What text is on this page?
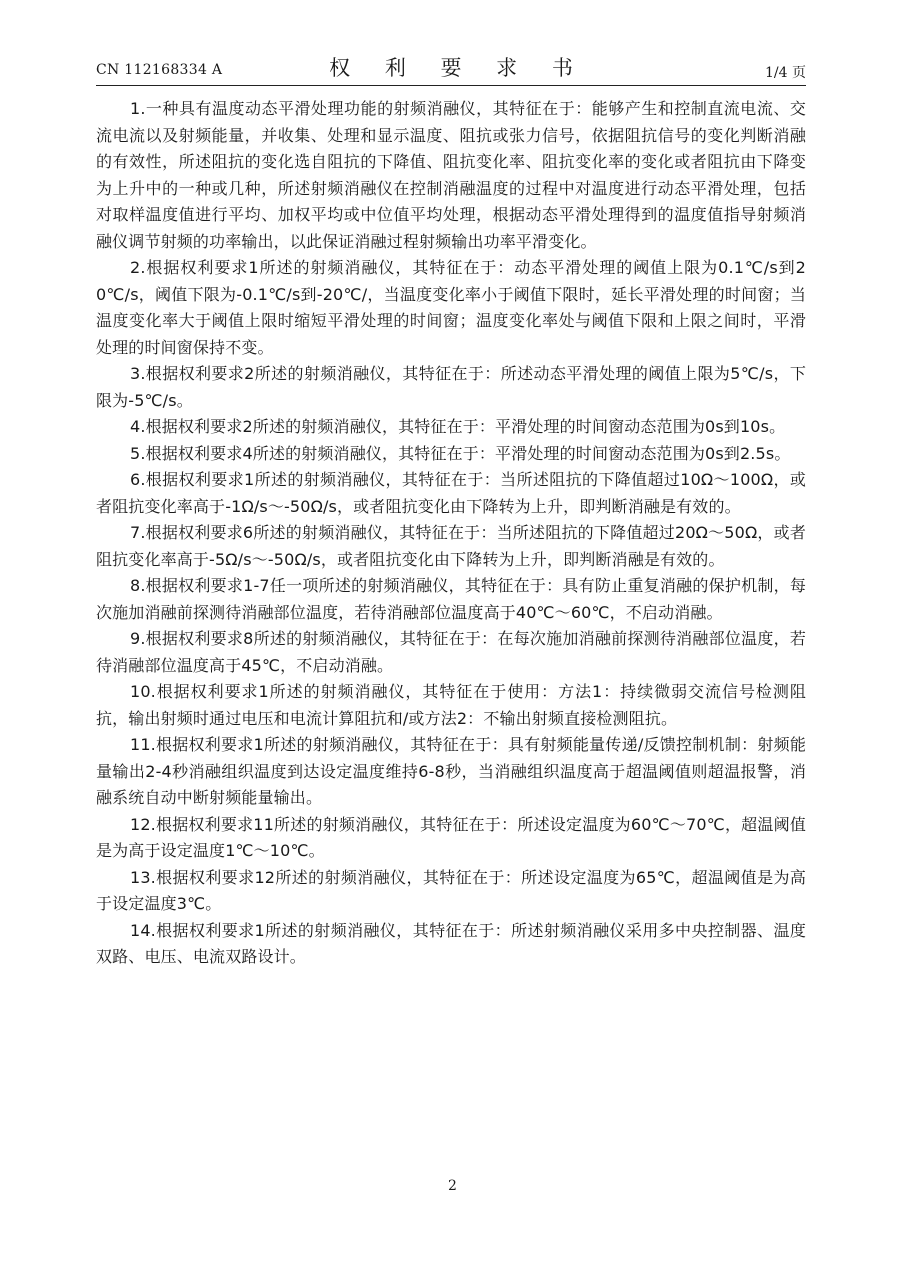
CN 112168334 A	权 利 要 求 书	1/4 页

1.一种具有温度动态平滑处理功能的射频消融仪，其特征在于：能够产生和控制直流电流、交流电流以及射频能量，并收集、处理和显示温度、阻抗或张力信号，依据阻抗信号的变化判断消融的有效性，所述阻抗的变化选自阻抗的下降值、阻抗变化率、阻抗变化率的变化或者阻抗由下降变为上升中的一种或几种，所述射频消融仪在控制消融温度的过程中对温度进行动态平滑处理，包括对取样温度值进行平均、加权平均或中位值平均处理，根据动态平滑处理得到的温度值指导射频消融仪调节射频的功率输出，以此保证消融过程射频输出功率平滑变化。

2.根据权利要求1所述的射频消融仪，其特征在于：动态平滑处理的阈值上限为0.1℃/s到20℃/s，阈值下限为-0.1℃/s到-20℃/，当温度变化率小于阈值下限时，延长平滑处理的时间窗；当温度变化率大于阈值上限时缩短平滑处理的时间窗；温度变化率处与阈值下限和上限之间时，平滑处理的时间窗保持不变。

3.根据权利要求2所述的射频消融仪，其特征在于：所述动态平滑处理的阈值上限为5℃/s，下限为-5℃/s。

4.根据权利要求2所述的射频消融仪，其特征在于：平滑处理的时间窗动态范围为0s到10s。

5.根据权利要求4所述的射频消融仪，其特征在于：平滑处理的时间窗动态范围为0s到2.5s。

6.根据权利要求1所述的射频消融仪，其特征在于：当所述阻抗的下降值超过10Ω～100Ω，或者阻抗变化率高于-1Ω/s～-50Ω/s，或者阻抗变化由下降转为上升，即判断消融是有效的。

7.根据权利要求6所述的射频消融仪，其特征在于：当所述阻抗的下降值超过20Ω～50Ω，或者阻抗变化率高于-5Ω/s～-50Ω/s，或者阻抗变化由下降转为上升，即判断消融是有效的。

8.根据权利要求1-7任一项所述的射频消融仪，其特征在于：具有防止重复消融的保护机制，每次施加消融前探测待消融部位温度，若待消融部位温度高于40℃～60℃，不启动消融。

9.根据权利要求8所述的射频消融仪，其特征在于：在每次施加消融前探测待消融部位温度，若待消融部位温度高于45℃，不启动消融。

10.根据权利要求1所述的射频消融仪，其特征在于使用：方法1：持续微弱交流信号检测阻抗，输出射频时通过电压和电流计算阻抗和/或方法2：不输出射频直接检测阻抗。

11.根据权利要求1所述的射频消融仪，其特征在于：具有射频能量传递/反馈控制机制：射频能量输出2-4秒消融组织温度到达设定温度维持6-8秒，当消融组织温度高于超温阈值则超温报警，消融系统自动中断射频能量输出。

12.根据权利要求11所述的射频消融仪，其特征在于：所述设定温度为60℃～70℃，超温阈值是为高于设定温度1℃～10℃。

13.根据权利要求12所述的射频消融仪，其特征在于：所述设定温度为65℃，超温阈值是为高于设定温度3℃。

14.根据权利要求1所述的射频消融仪，其特征在于：所述射频消融仪采用多中央控制器、温度双路、电压、电流双路设计。

2
